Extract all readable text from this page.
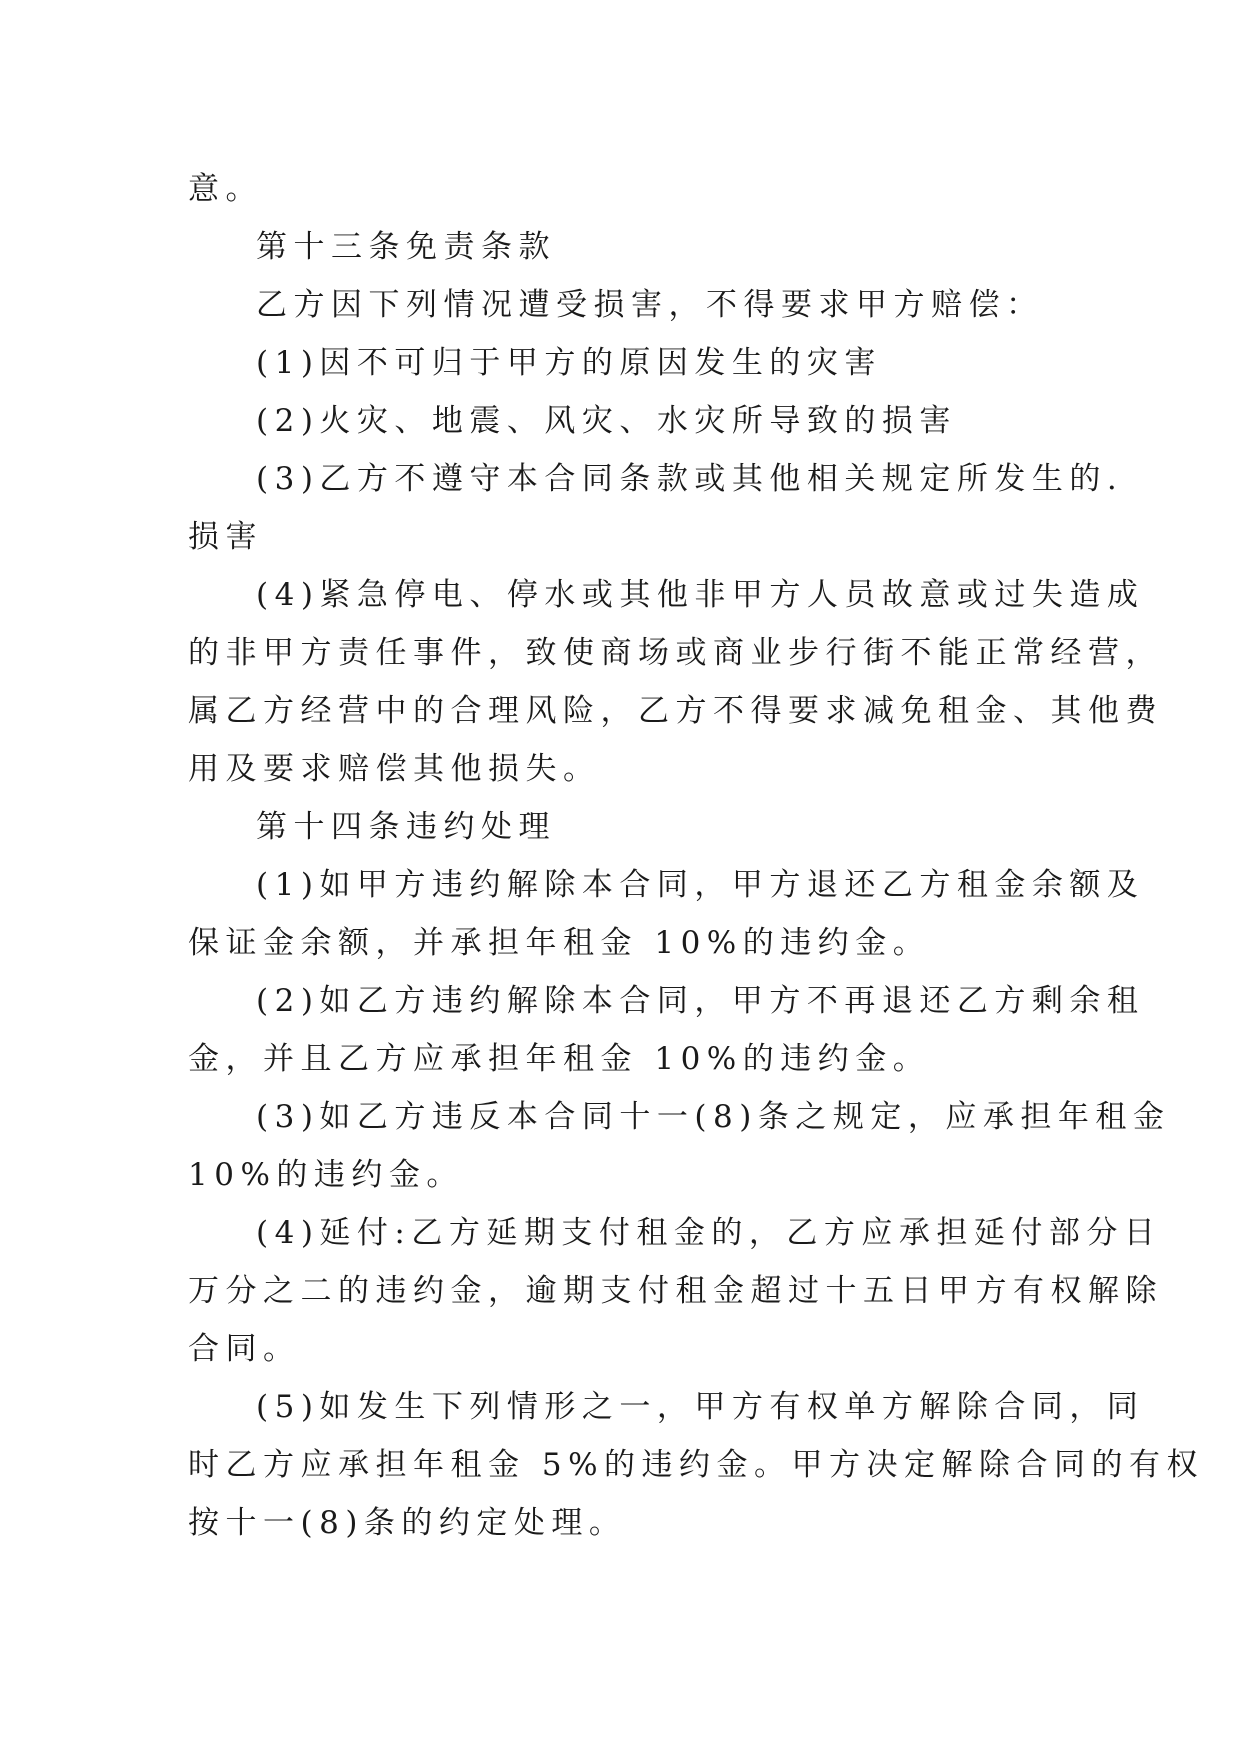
意。

第十三条免责条款

乙方因下列情况遭受损害，不得要求甲方赔偿：

(1)因不可归于甲方的原因发生的灾害

(2)火灾、地震、风灾、水灾所导致的损害

(3)乙方不遵守本合同条款或其他相关规定所发生的.
损害

(4)紧急停电、停水或其他非甲方人员故意或过失造成
的非甲方责任事件，致使商场或商业步行街不能正常经营，
属乙方经营中的合理风险，乙方不得要求减免租金、其他费
用及要求赔偿其他损失。

第十四条违约处理

(1)如甲方违约解除本合同，甲方退还乙方租金余额及
保证金余额，并承担年租金 10%的违约金。

(2)如乙方违约解除本合同，甲方不再退还乙方剩余租
金，并且乙方应承担年租金 10%的违约金。

(3)如乙方违反本合同十一(8)条之规定，应承担年租金
10%的违约金。

(4)延付:乙方延期支付租金的，乙方应承担延付部分日
万分之二的违约金，逾期支付租金超过十五日甲方有权解除
合同。

(5)如发生下列情形之一，甲方有权单方解除合同，同
时乙方应承担年租金 5%的违约金。甲方决定解除合同的有权
按十一(8)条的约定处理。
